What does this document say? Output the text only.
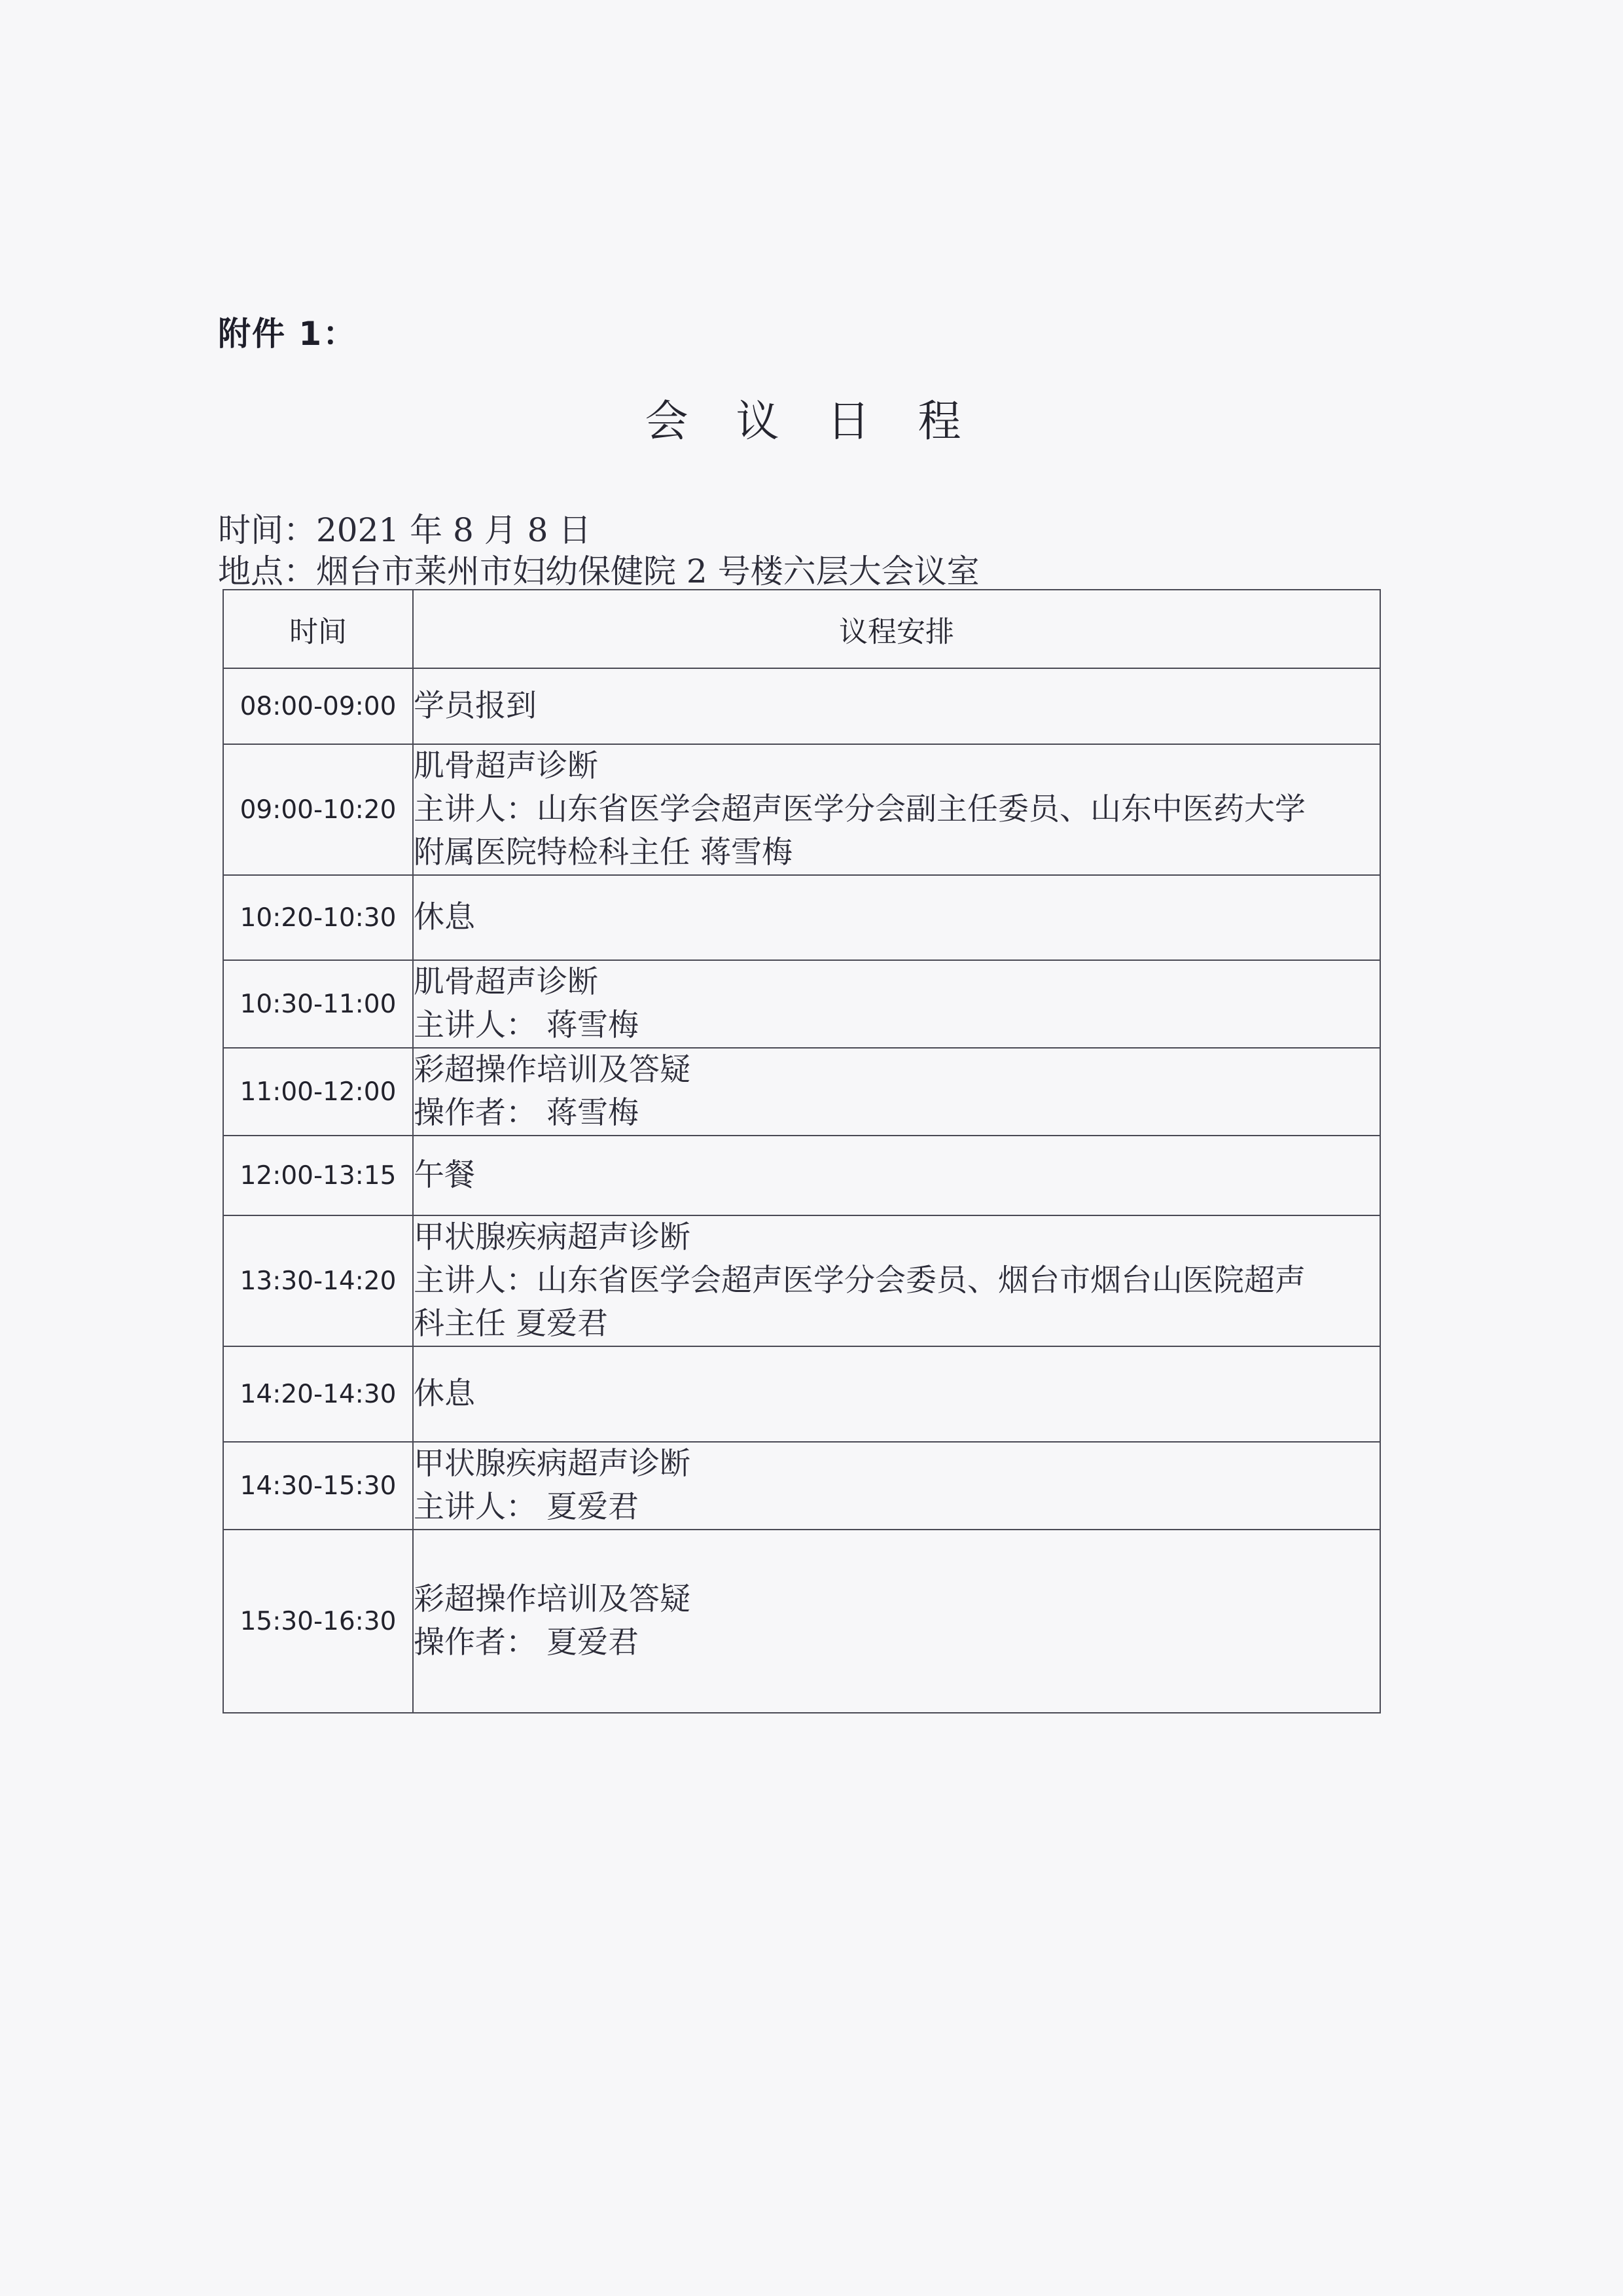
附件 1：
会 议 日 程
时间：2021 年 8 月 8 日
地点：烟台市莱州市妇幼保健院 2 号楼六层大会议室
时间	议程安排
08:00-09:00	学员报到

09:00-10:20	肌骨超声诊断
主讲人：山东省医学会超声医学分会副主任委员、山东中医药大学
附属医院特检科主任 蒋雪梅

10:20-10:30	休息

10:30-11:00	肌骨超声诊断
主讲人： 蒋雪梅

11:00-12:00	彩超操作培训及答疑
操作者： 蒋雪梅

12:00-13:15	午餐

13:30-14:20	甲状腺疾病超声诊断
主讲人：山东省医学会超声医学分会委员、烟台市烟台山医院超声
科主任 夏爱君

14:20-14:30	休息

14:30-15:30	甲状腺疾病超声诊断
主讲人： 夏爱君

15:30-16:30	彩超操作培训及答疑
操作者： 夏爱君
